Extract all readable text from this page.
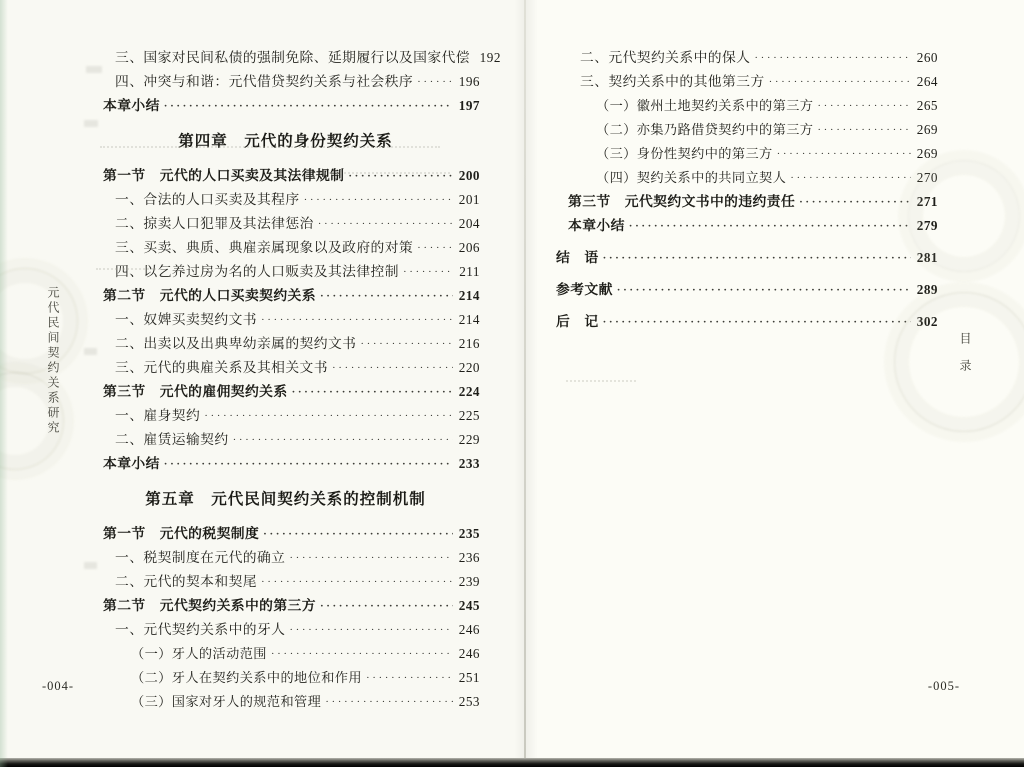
元代民间契约关系研究
三、国家对民间私债的强制免除、延期履行以及国家代偿 192
四、冲突与和谐：元代借贷契约关系与社会秩序 ·····	196
本章小结 ·····	197
第四章　元代的身份契约关系
第一节　元代的人口买卖及其法律规制 ·····	200
一、合法的人口买卖及其程序 ·····	201
二、掠卖人口犯罪及其法律惩治 ·····	204
三、买卖、典质、典雇亲属现象以及政府的对策 ·····	206
四、以乞养过房为名的人口贩卖及其法律控制 ·····	211
第二节　元代的人口买卖契约关系 ·····	214
一、奴婢买卖契约文书 ·····	214
二、出卖以及出典卑幼亲属的契约文书 ·····	216
三、元代的典雇关系及其相关文书 ·····	220
第三节　元代的雇佣契约关系 ·····	224
一、雇身契约 ·····	225
二、雇赁运输契约 ·····	229
本章小结 ·····	233
第五章　元代民间契约关系的控制机制
第一节　元代的税契制度 ·····	235
一、税契制度在元代的确立 ·····	236
二、元代的契本和契尾 ·····	239
第二节　元代契约关系中的第三方 ·····	245
一、元代契约关系中的牙人 ·····	246
（一）牙人的活动范围 ·····	246
（二）牙人在契约关系中的地位和作用 ·····	251
（三）国家对牙人的规范和管理 ·····	253
-004-
目录
二、元代契约关系中的保人 ·····	260
三、契约关系中的其他第三方 ·····	264
（一）徽州土地契约关系中的第三方 ·····	265
（二）亦集乃路借贷契约中的第三方 ·····	269
（三）身份性契约中的第三方 ·····	269
（四）契约关系中的共同立契人 ·····	270
第三节　元代契约文书中的违约责任 ·····	271
本章小结 ·····	279
结　语 ·····	281
参考文献 ·····	289
后　记 ·····	302
-005-
